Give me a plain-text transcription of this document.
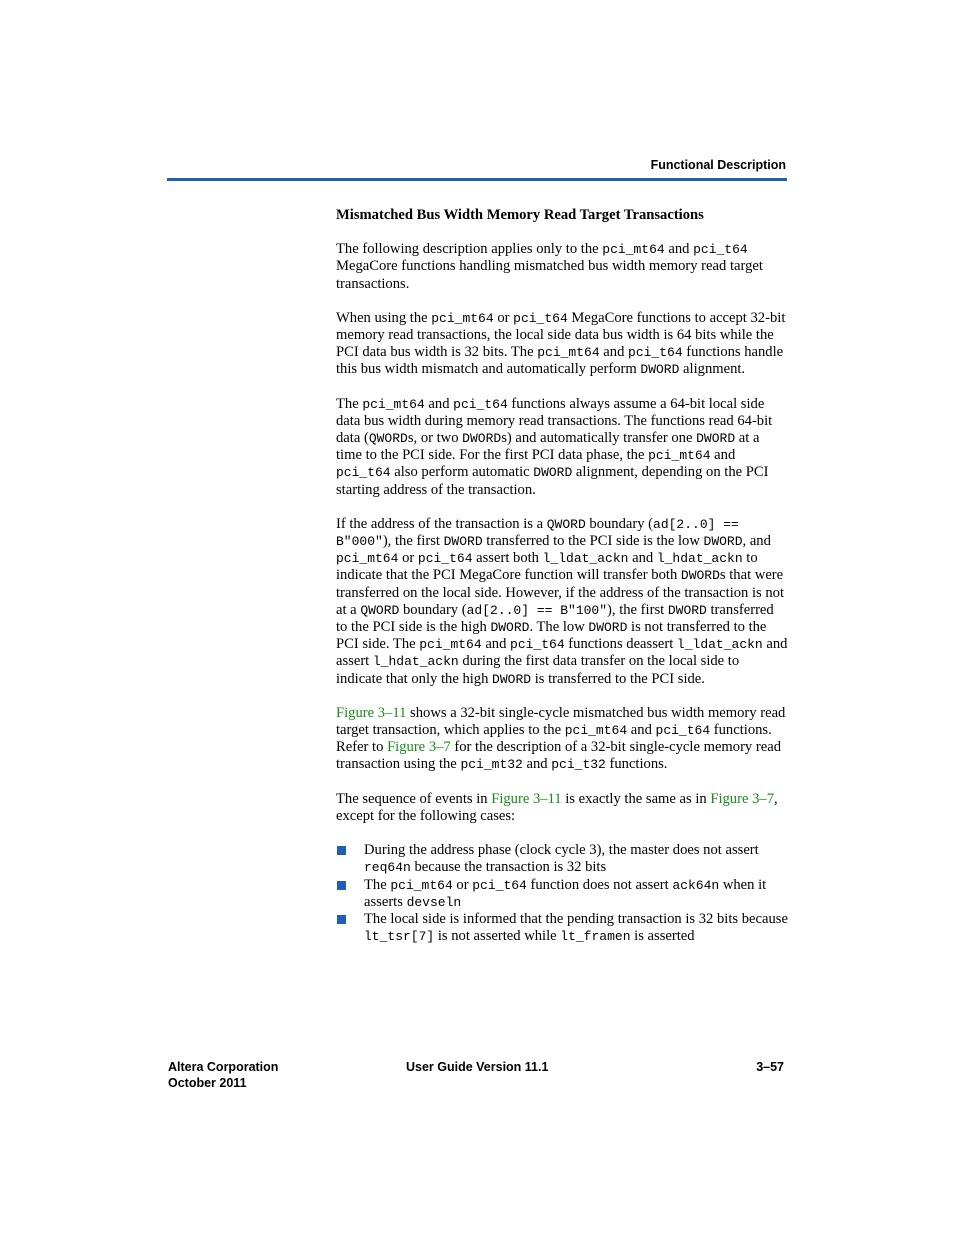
Functional Description

Mismatched Bus Width Memory Read Target Transactions

The following description applies only to the pci_mt64 and pci_t64 MegaCore functions handling mismatched bus width memory read target transactions.

When using the pci_mt64 or pci_t64 MegaCore functions to accept 32-bit memory read transactions, the local side data bus width is 64 bits while the PCI data bus width is 32 bits. The pci_mt64 and pci_t64 functions handle this bus width mismatch and automatically perform DWORD alignment.

The pci_mt64 and pci_t64 functions always assume a 64-bit local side data bus width during memory read transactions. The functions read 64-bit data (QWORDs, or two DWORDs) and automatically transfer one DWORD at a time to the PCI side. For the first PCI data phase, the pci_mt64 and pci_t64 also perform automatic DWORD alignment, depending on the PCI starting address of the transaction.

If the address of the transaction is a QWORD boundary (ad[2..0] == B"000"), the first DWORD transferred to the PCI side is the low DWORD, and pci_mt64 or pci_t64 assert both l_ldat_ackn and l_hdat_ackn to indicate that the PCI MegaCore function will transfer both DWORDs that were transferred on the local side. However, if the address of the transaction is not at a QWORD boundary (ad[2..0] == B"100"), the first DWORD transferred to the PCI side is the high DWORD. The low DWORD is not transferred to the PCI side. The pci_mt64 and pci_t64 functions deassert l_ldat_ackn and assert l_hdat_ackn during the first data transfer on the local side to indicate that only the high DWORD is transferred to the PCI side.

Figure 3–11 shows a 32-bit single-cycle mismatched bus width memory read target transaction, which applies to the pci_mt64 and pci_t64 functions. Refer to Figure 3–7 for the description of a 32-bit single-cycle memory read transaction using the pci_mt32 and pci_t32 functions.

The sequence of events in Figure 3–11 is exactly the same as in Figure 3–7, except for the following cases:

During the address phase (clock cycle 3), the master does not assert req64n because the transaction is 32 bits
The pci_mt64 or pci_t64 function does not assert ack64n when it asserts devseln
The local side is informed that the pending transaction is 32 bits because lt_tsr[7] is not asserted while lt_framen is asserted
Altera Corporation
October 2011
User Guide Version 11.1	3–57
